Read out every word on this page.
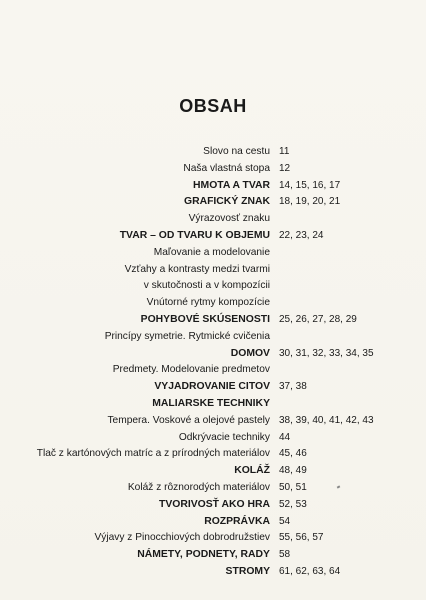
OBSAH
Slovo na cestu 11
Naša vlastná stopa 12
HMOTA A TVAR 14, 15, 16, 17
GRAFICKÝ ZNAK 18, 19, 20, 21
Výrazovosť znaku
TVAR – OD TVARU K OBJEMU 22, 23, 24
Maľovanie a modelovanie
Vzťahy a kontrasty medzi tvarmi
v skutočnosti a v kompozícii
Vnútorné rytmy kompozície
POHYBOVÉ SKÚSENOSTI 25, 26, 27, 28, 29
Princípy symetrie. Rytmické cvičenia
DOMOV 30, 31, 32, 33, 34, 35
Predmety. Modelovanie predmetov
VYJADROVANIE CITOV 37, 38
MALIARSKE TECHNIKY
Tempera. Voskové a olejové pastely 38, 39, 40, 41, 42, 43
Odkrývacie techniky 44
Tlač z kartónových matríc a z prírodných materiálov 45, 46
KOLÁŽ 48, 49
Koláž z rôznorodých materiálov 50, 51
TVORIVOSŤ AKO HRA 52, 53
ROZPRÁVKA 54
Výjavy z Pinocchiových dobrodružstiev 55, 56, 57
NÁMETY, PODNETY, RADY 58
STROMY 61, 62, 63, 64
